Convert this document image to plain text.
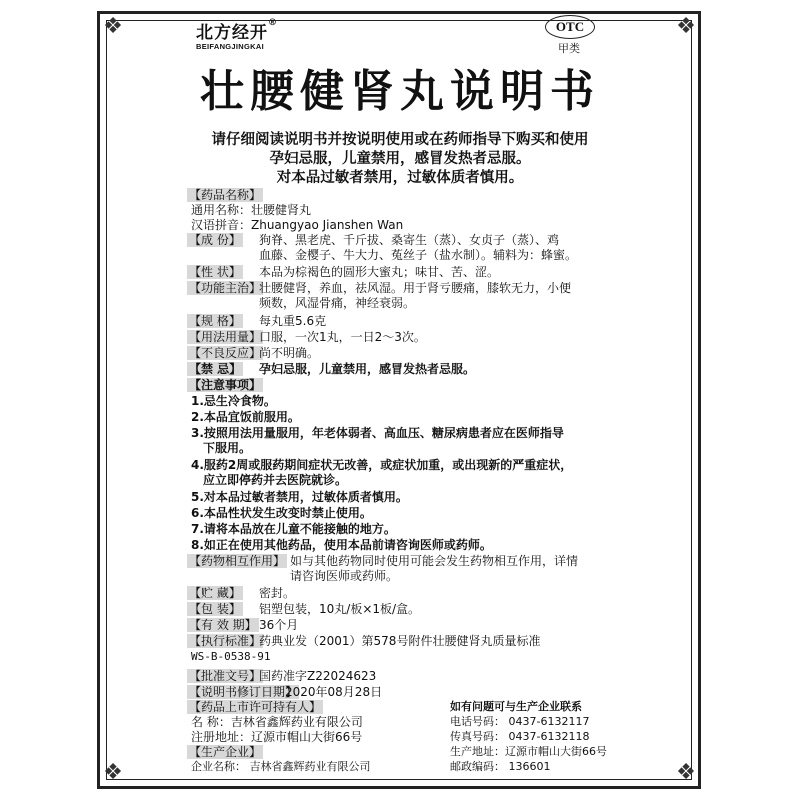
❖	❖
❖	❖
北方经开®
BEIFANGJINGKAI
OTC
甲类
壮腰健肾丸说明书
请仔细阅读说明书并按说明使用或在药师指导下购买和使用
孕妇忌服，儿童禁用，感冒发热者忌服。
对本品过敏者禁用，过敏体质者慎用。
【药品名称】
通用名称：壮腰健肾丸
汉语拼音：Zhuangyao Jianshen Wan
【成 份】 狗脊、黑老虎、千斤拔、桑寄生（蒸）、女贞子（蒸）、鸡
血藤、金樱子、牛大力、菟丝子（盐水制）。辅料为：蜂蜜。
【性 状】 本品为棕褐色的圆形大蜜丸；味甘、苦、涩。
【功能主治】
壮腰健肾，养血，祛风湿。用于肾亏腰痛，膝软无力，小便
频数，风湿骨痛，神经衰弱。
【规 格】 每丸重5.6克
【用法用量】
口服，一次1丸，一日2～3次。
【不良反应】
尚不明确。
【禁 忌】 孕妇忌服，儿童禁用，感冒发热者忌服。
【注意事项】
1.忌生冷食物。
2.本品宜饭前服用。
3.按照用法用量服用，年老体弱者、高血压、糖尿病患者应在医师指导
下服用。
4.服药2周或服药期间症状无改善，或症状加重，或出现新的严重症状，
应立即停药并去医院就诊。
5.对本品过敏者禁用，过敏体质者慎用。
6.本品性状发生改变时禁止使用。
7.请将本品放在儿童不能接触的地方。
8.如正在使用其他药品，使用本品前请咨询医师或药师。
【药物相互作用】 如与其他药物同时使用可能会发生药物相互作用，详情
请咨询医师或药师。
【贮 藏】 密封。
【包 装】 铝塑包装，10丸/板×1板/盒。
【有 效 期】 36个月
【执行标准】
药典业发（2001）第578号附件壮腰健肾丸质量标准
WS-B-0538-91
【批准文号】
国药准字Z22024623
【说明书修订日期】
2020年08月28日
【药品上市许可持有人】
名 称：吉林省鑫辉药业有限公司
注册地址：辽源市帽山大街66号
【生产企业】
企业名称： 吉林省鑫辉药业有限公司
生产地址：辽源市帽山大街66号
邮政编码： 136601
电话号码： 0437-6132117
传真号码： 0437-6132118
如有问题可与生产企业联系
